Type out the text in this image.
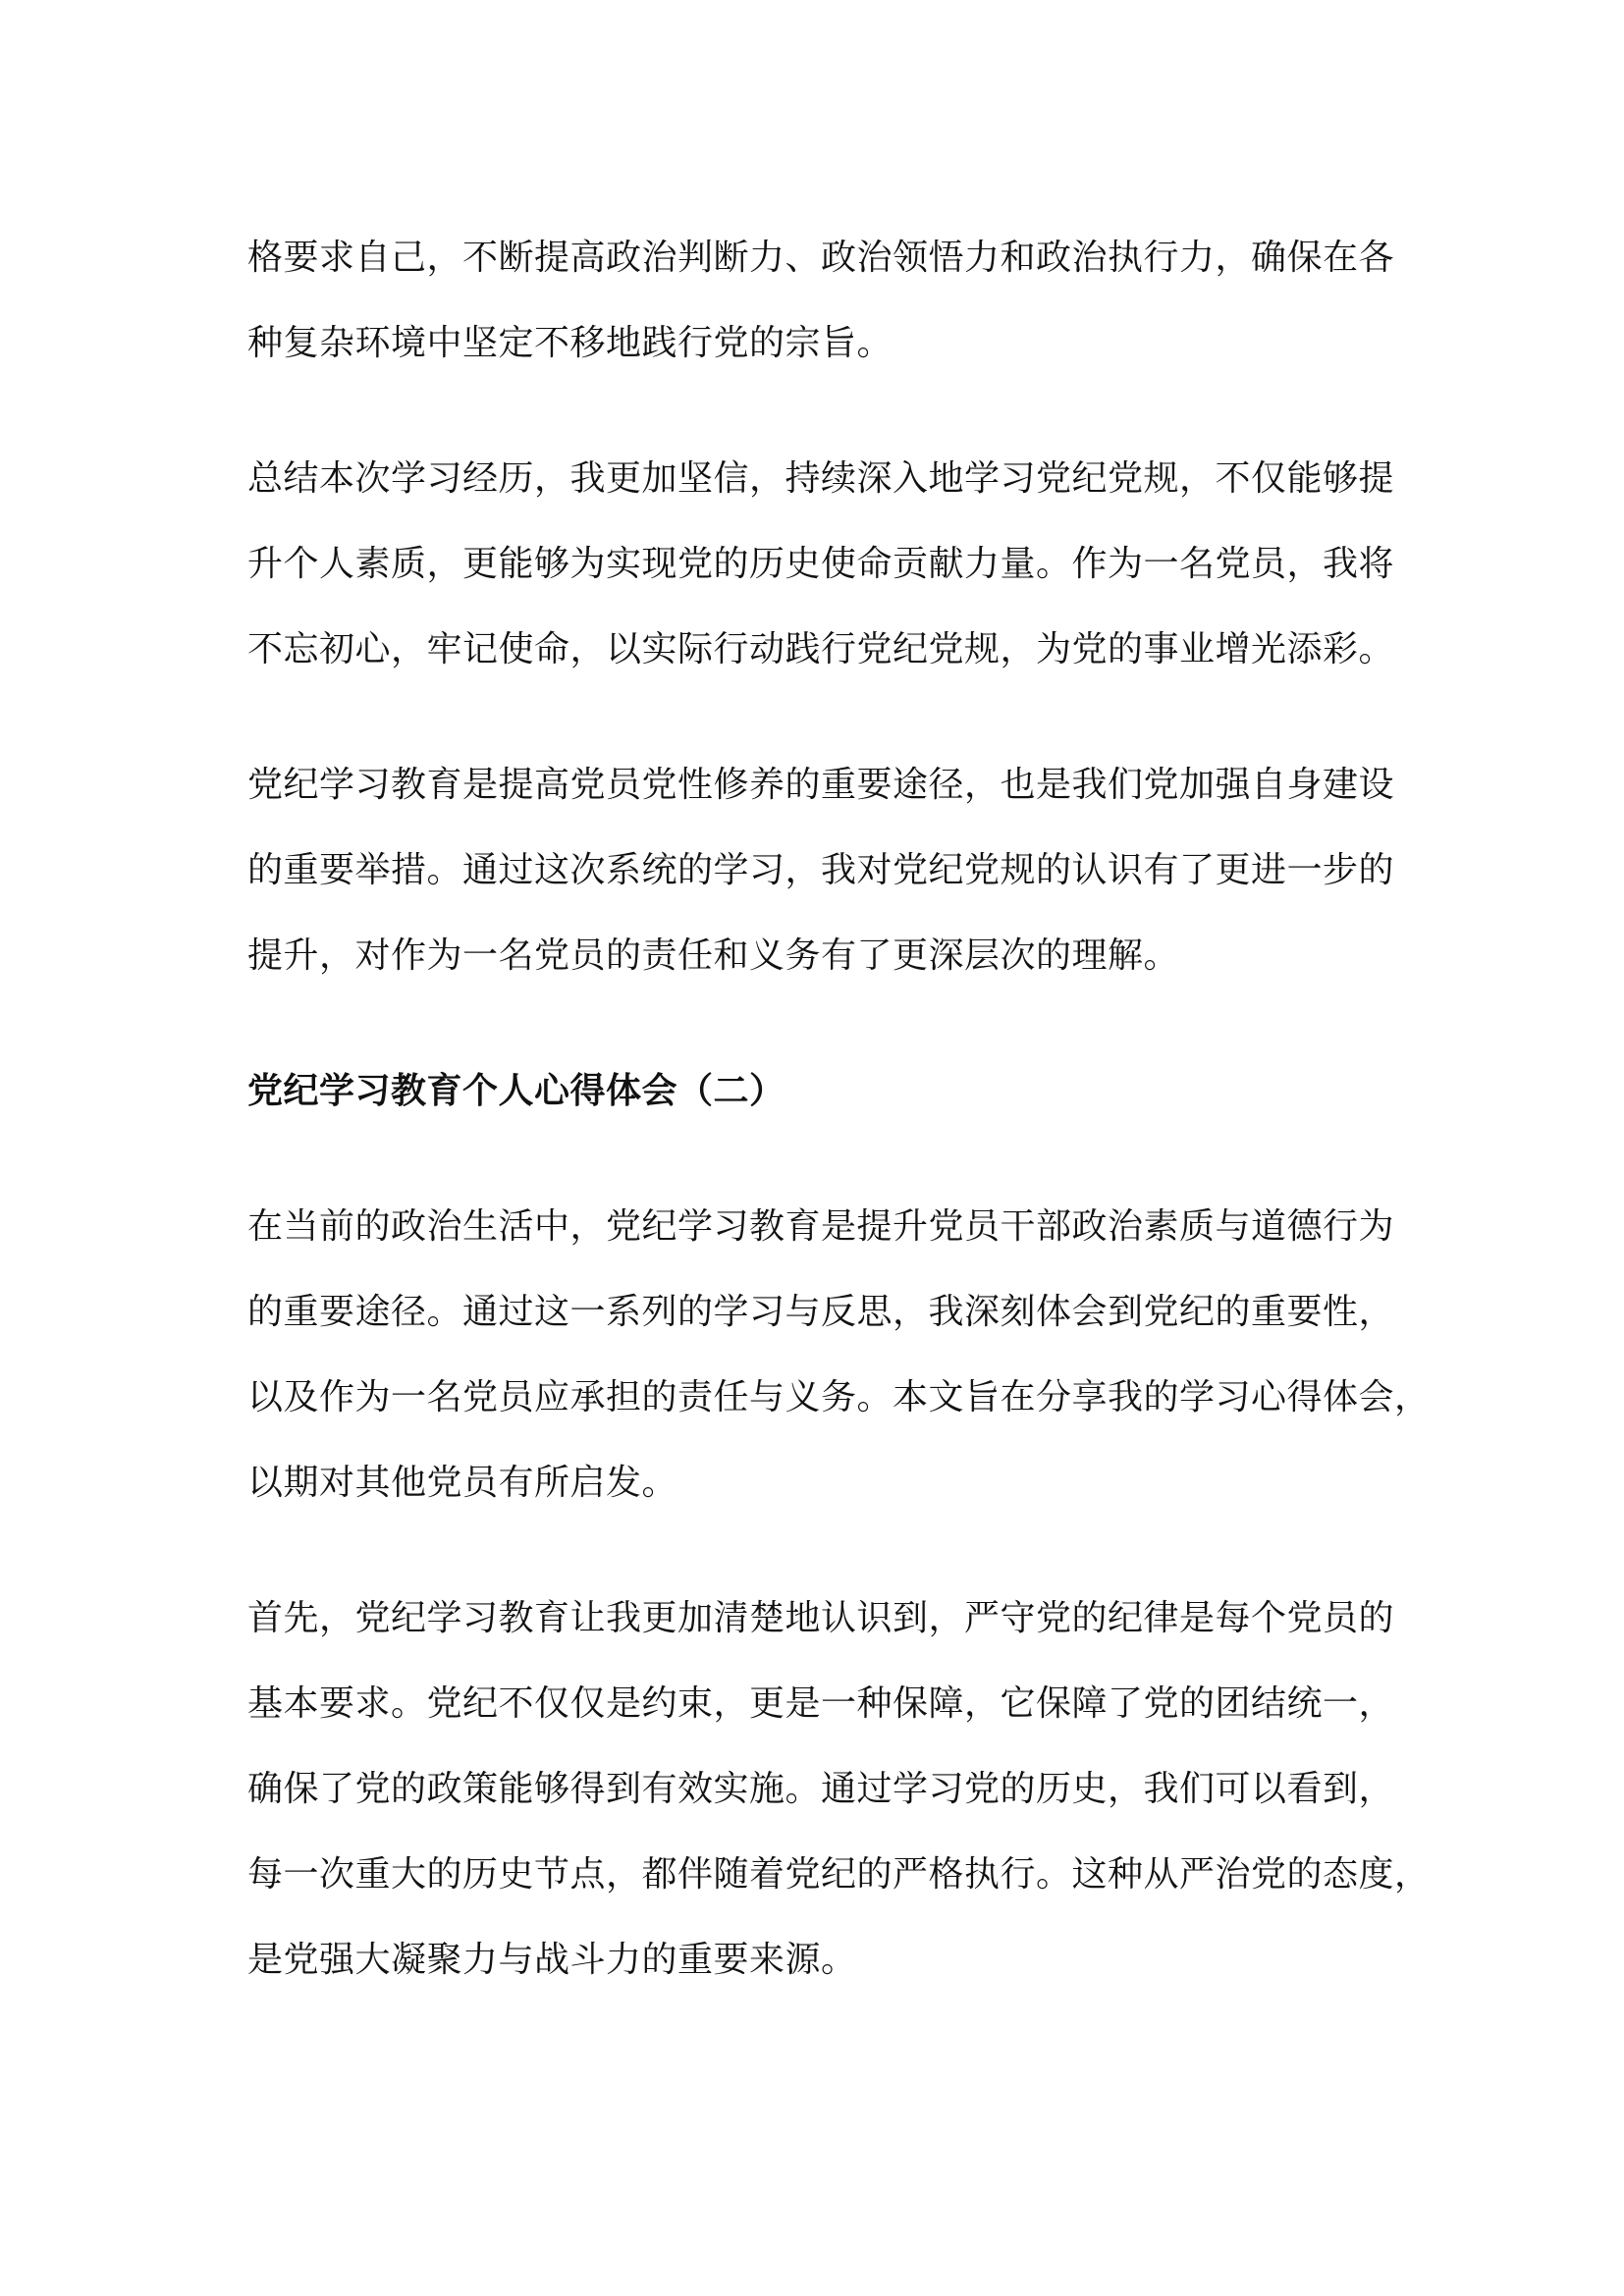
格要求自己，不断提高政治判断力、政治领悟力和政治执行力，确保在各
种复杂环境中坚定不移地践行党的宗旨。
总结本次学习经历，我更加坚信，持续深入地学习党纪党规，不仅能够提
升个人素质，更能够为实现党的历史使命贡献力量。作为一名党员，我将
不忘初心，牢记使命，以实际行动践行党纪党规，为党的事业增光添彩。
党纪学习教育是提高党员党性修养的重要途径，也是我们党加强自身建设
的重要举措。通过这次系统的学习，我对党纪党规的认识有了更进一步的
提升，对作为一名党员的责任和义务有了更深层次的理解。
党纪学习教育个人心得体会（二）
在当前的政治生活中，党纪学习教育是提升党员干部政治素质与道德行为
的重要途径。通过这一系列的学习与反思，我深刻体会到党纪的重要性，
以及作为一名党员应承担的责任与义务。本文旨在分享我的学习心得体会，
以期对其他党员有所启发。
首先，党纪学习教育让我更加清楚地认识到，严守党的纪律是每个党员的
基本要求。党纪不仅仅是约束，更是一种保障，它保障了党的团结统一，
确保了党的政策能够得到有效实施。通过学习党的历史，我们可以看到，
每一次重大的历史节点，都伴随着党纪的严格执行。这种从严治党的态度，
是党强大凝聚力与战斗力的重要来源。
